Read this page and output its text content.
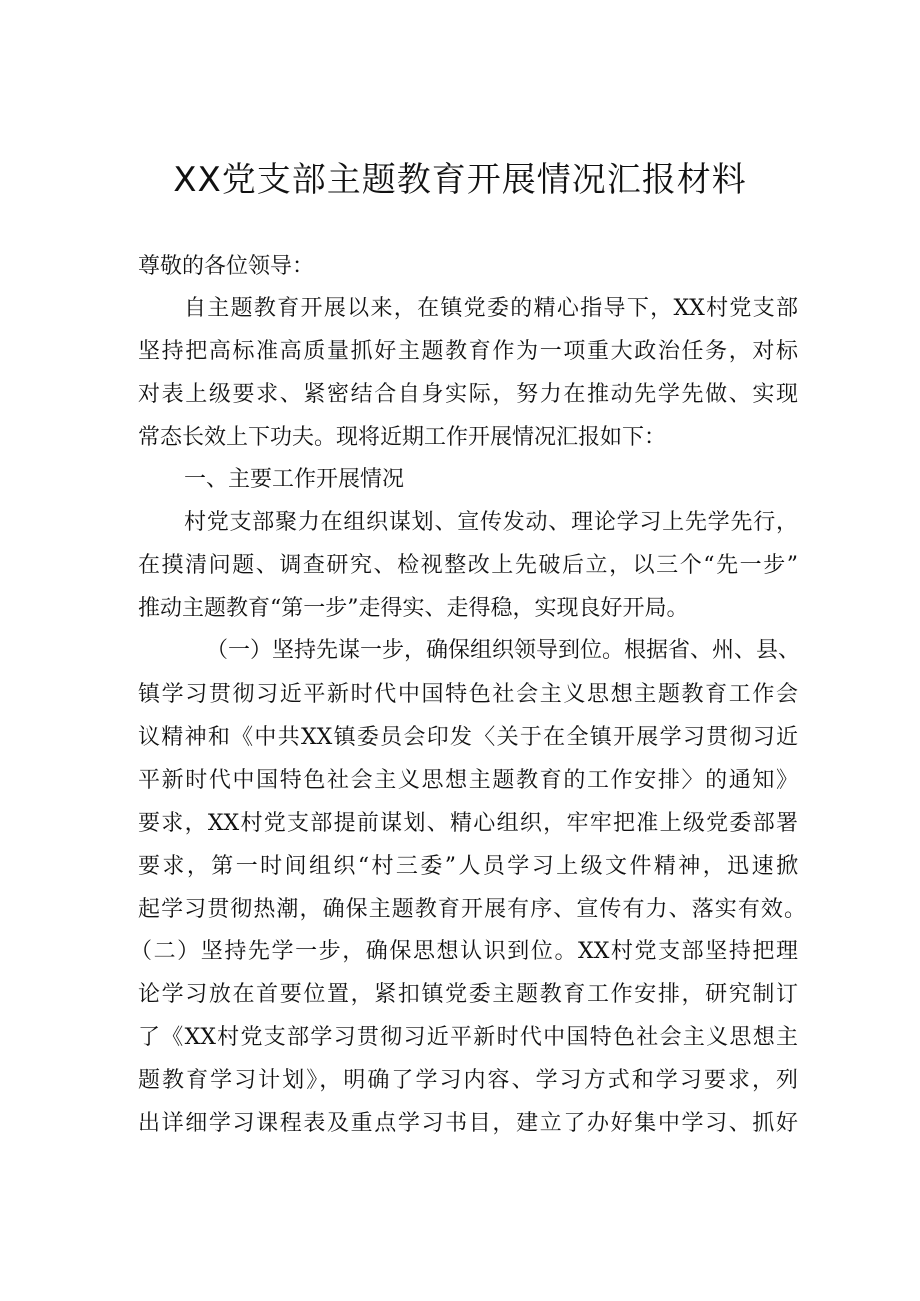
XX党支部主题教育开展情况汇报材料
尊敬的各位领导：
自主题教育开展以来，在镇党委的精心指导下，XX村党支部
坚持把高标准高质量抓好主题教育作为一项重大政治任务，对标
对表上级要求、紧密结合自身实际，努力在推动先学先做、实现
常态长效上下功夫。现将近期工作开展情况汇报如下：
一、主要工作开展情况
村党支部聚力在组织谋划、宣传发动、理论学习上先学先行，
在摸清问题、调查研究、检视整改上先破后立，以三个“先一步”
推动主题教育“第一步”走得实、走得稳，实现良好开局。
（一）坚持先谋一步，确保组织领导到位。根据省、州、县、
镇学习贯彻习近平新时代中国特色社会主义思想主题教育工作会
议精神和《中共XX镇委员会印发〈关于在全镇开展学习贯彻习近
平新时代中国特色社会主义思想主题教育的工作安排〉的通知》
要求，XX村党支部提前谋划、精心组织，牢牢把准上级党委部署
要求，第一时间组织“村三委”人员学习上级文件精神，迅速掀
起学习贯彻热潮，确保主题教育开展有序、宣传有力、落实有效。
（二）坚持先学一步，确保思想认识到位。XX村党支部坚持把理
论学习放在首要位置，紧扣镇党委主题教育工作安排，研究制订
了《XX村党支部学习贯彻习近平新时代中国特色社会主义思想主
题教育学习计划》，明确了学习内容、学习方式和学习要求，列
出详细学习课程表及重点学习书目，建立了办好集中学习、抓好
